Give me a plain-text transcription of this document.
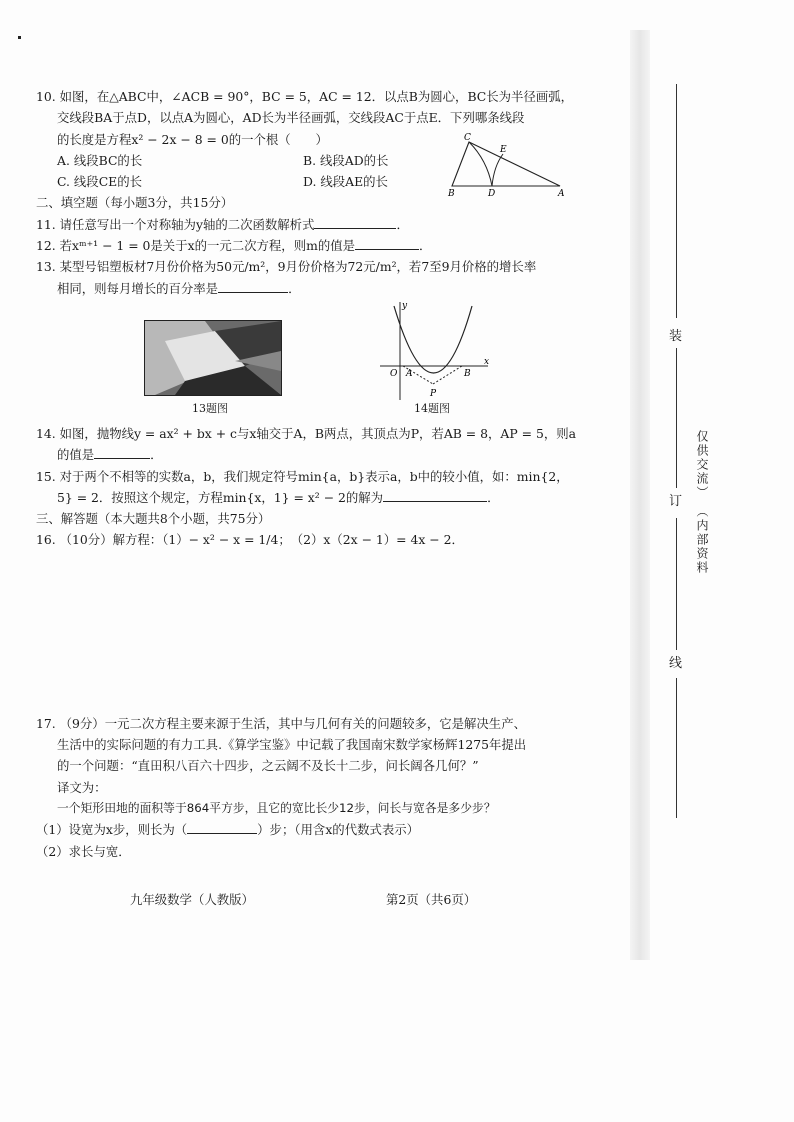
10. 如图，在△ABC中，∠ACB = 90°，BC = 5，AC = 12．以点B为圆心，BC长为半径画弧，
交线段BA于点D，以点A为圆心，AD长为半径画弧，交线段AC于点E．下列哪条线段
的长度是方程x² − 2x − 8 = 0的一个根（　　）
A. 线段BC的长	B. 线段AD的长
C. 线段CE的长	D. 线段AE的长
二、填空题（每小题3分，共15分）
11. 请任意写出一个对称轴为y轴的二次函数解析式	．
12. 若xᵐ⁺¹ − 1 = 0是关于x的一元二次方程，则m的值是	．
13. 某型号铝塑板材7月份价格为50元/m²，9月份价格为72元/m²，若7至9月价格的增长率
相同，则每月增长的百分率是	．
14. 如图，抛物线y = ax² + bx + c与x轴交于A，B两点，其顶点为P，若AB = 8，AP = 5，则a
的值是	．
15. 对于两个不相等的实数a，b，我们规定符号min{a，b}表示a，b中的较小值，如：min{2，
5} = 2．按照这个规定，方程min{x，1} = x² − 2的解为	．
三、解答题（本大题共8个小题，共75分）
16. （10分）解方程：（1）− x² − x = 1/4；　（2）x（2x − 1）= 4x − 2．
17. （9分）一元二次方程主要来源于生活，其中与几何有关的问题较多，它是解决生产、
生活中的实际问题的有力工具.《算学宝鉴》中记载了我国南宋数学家杨辉1275年提出
的一个问题：“直田积八百六十四步，之云阔不及长十二步，问长阔各几何？”
译文为：
一个矩形田地的面积等于864平方步，且它的宽比长少12步，问长与宽各是多少步？
（1）设宽为x步，则长为（	）步；（用含x的代数式表示）
（2）求长与宽．
C
E
B	D	A
13题图
y
x
O A	B
P
14题图
九年级数学（人教版）	第2页（共6页）
装
订
线
仅供交流）
（内部资料
